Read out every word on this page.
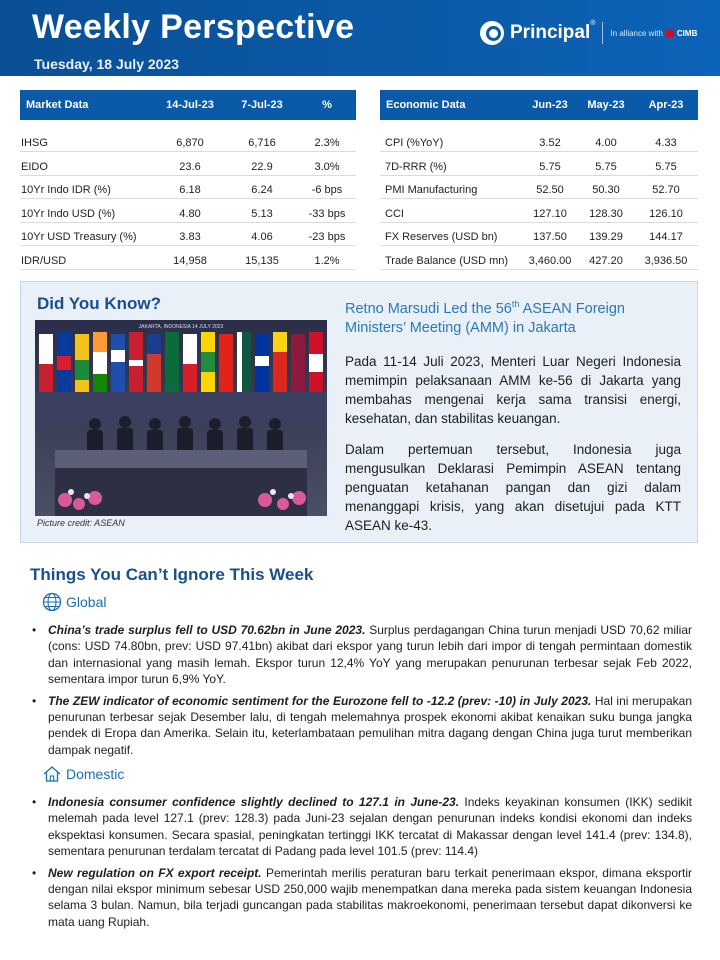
Weekly Perspective
Tuesday, 18 July 2023
Principal ®
In alliance with CIMB
Market Data	14-Jul-23	7-Jul-23	%

IHSG	6,870	6,716	2.3%
EIDO	23.6	22.9	3.0%
10Yr Indo IDR (%)	6.18	6.24	-6 bps
10Yr Indo USD (%)	4.80	5.13	-33 bps
10Yr USD Treasury (%)	3.83	4.06	-23 bps
IDR/USD	14,958	15,135	1.2%
Economic Data	Jun-23	May-23	Apr-23

CPI (%YoY)	3.52	4.00	4.33
7D-RRR (%)	5.75	5.75	5.75
PMI Manufacturing	52.50	50.30	52.70
CCI	127.10	128.30	126.10
FX Reserves (USD bn)	137.50	139.29	144.17
Trade Balance (USD mn)	3,460.00	427.20	3,936.50
Did You Know?
JAKARTA, INDONESIA 14 JULY 2023
Picture credit: ASEAN
Retno Marsudi Led the 56th ASEAN Foreign Ministers’ Meeting (AMM) in Jakarta
Pada 11-14 Juli 2023, Menteri Luar Negeri Indonesia memimpin pelaksanaan AMM ke-56 di Jakarta yang membahas mengenai kerja sama transisi energi, kesehatan, dan stabilitas keuangan.
Dalam pertemuan tersebut, Indonesia juga mengusulkan Deklarasi Pemimpin ASEAN tentang penguatan ketahanan pangan dan gizi dalam menanggapi krisis, yang akan disetujui pada KTT ASEAN ke-43.
Things You Can’t Ignore This Week
Global
• China’s trade surplus fell to USD 70.62bn in June 2023. Surplus perdagangan China turun menjadi USD 70,62 miliar (cons: USD 74.80bn, prev: USD 97.41bn) akibat dari ekspor yang turun lebih dari impor di tengah permintaan domestik dan internasional yang masih lemah. Ekspor turun 12,4% YoY yang merupakan penurunan terbesar sejak Feb 2022, sementara impor turun 6,9% YoY.
• The ZEW indicator of economic sentiment for the Eurozone fell to -12.2 (prev: -10) in July 2023. Hal ini merupakan penurunan terbesar sejak Desember lalu, di tengah melemahnya prospek ekonomi akibat kenaikan suku bunga jangka pendek di Eropa dan Amerika. Selain itu, keterlambataan pemulihan mitra dagang dengan China juga turut memberikan dampak negatif.
Domestic
• Indonesia consumer confidence slightly declined to 127.1 in June-23. Indeks keyakinan konsumen (IKK) sedikit melemah pada level 127.1 (prev: 128.3) pada Juni-23 sejalan dengan penurunan indeks kondisi ekonomi dan indeks ekspektasi konsumen. Secara spasial, peningkatan tertinggi IKK tercatat di Makassar dengan level 141.4 (prev: 134.8), sementara penurunan terdalam tercatat di Padang pada level 101.5 (prev: 114.4)
• New regulation on FX export receipt. Pemerintah merilis peraturan baru terkait penerimaan ekspor, dimana eksportir dengan nilai ekspor minimum sebesar USD 250,000 wajib menempatkan dana mereka pada sistem keuangan Indonesia selama 3 bulan. Namun, bila terjadi guncangan pada stabilitas makroekonomi, penerimaan tersebut dapat dikonversi ke mata uang Rupiah.
